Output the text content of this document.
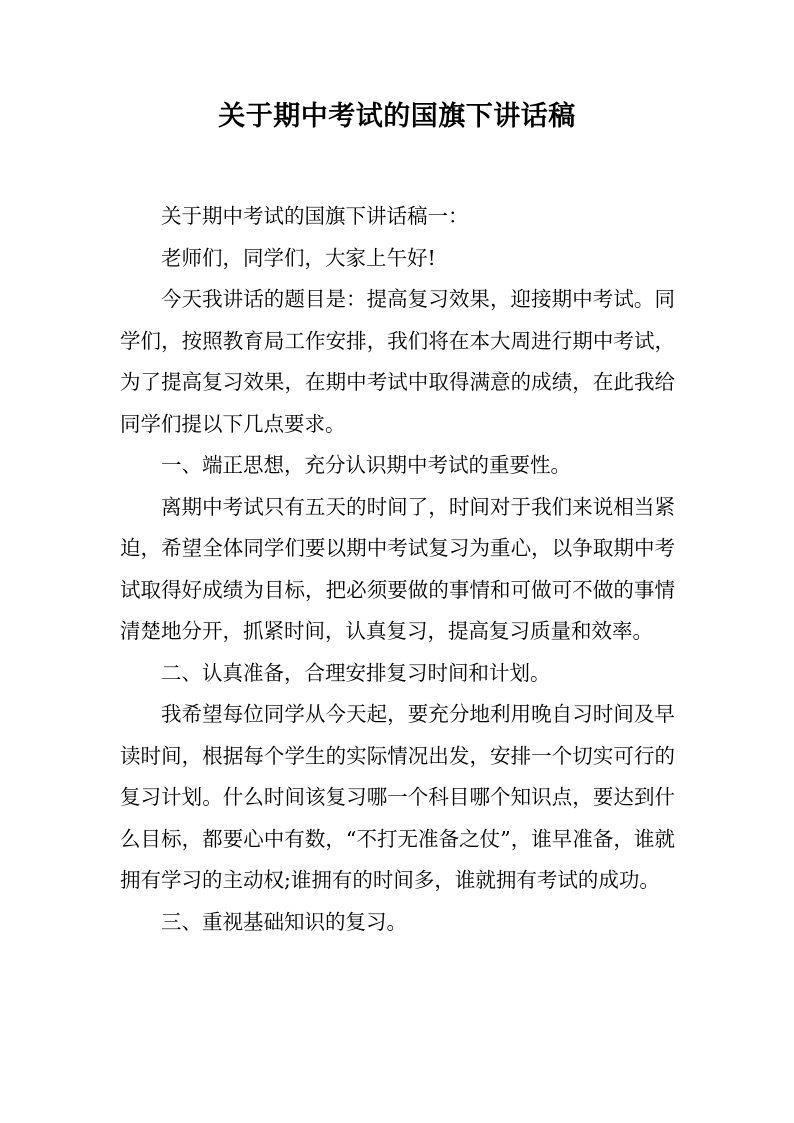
关于期中考试的国旗下讲话稿

关于期中考试的国旗下讲话稿一：

老师们，同学们，大家上午好!

今天我讲话的题目是：提高复习效果，迎接期中考试。同学们，按照教育局工作安排，我们将在本大周进行期中考试，为了提高复习效果，在期中考试中取得满意的成绩，在此我给同学们提以下几点要求。

一、端正思想，充分认识期中考试的重要性。

离期中考试只有五天的时间了，时间对于我们来说相当紧迫，希望全体同学们要以期中考试复习为重心，以争取期中考试取得好成绩为目标，把必须要做的事情和可做可不做的事情清楚地分开，抓紧时间，认真复习，提高复习质量和效率。

二、认真准备，合理安排复习时间和计划。

我希望每位同学从今天起，要充分地利用晚自习时间及早读时间，根据每个学生的实际情况出发，安排一个切实可行的复习计划。什么时间该复习哪一个科目哪个知识点，要达到什么目标，都要心中有数，“不打无准备之仗”，谁早准备，谁就拥有学习的主动权;谁拥有的时间多，谁就拥有考试的成功。

三、重视基础知识的复习。
